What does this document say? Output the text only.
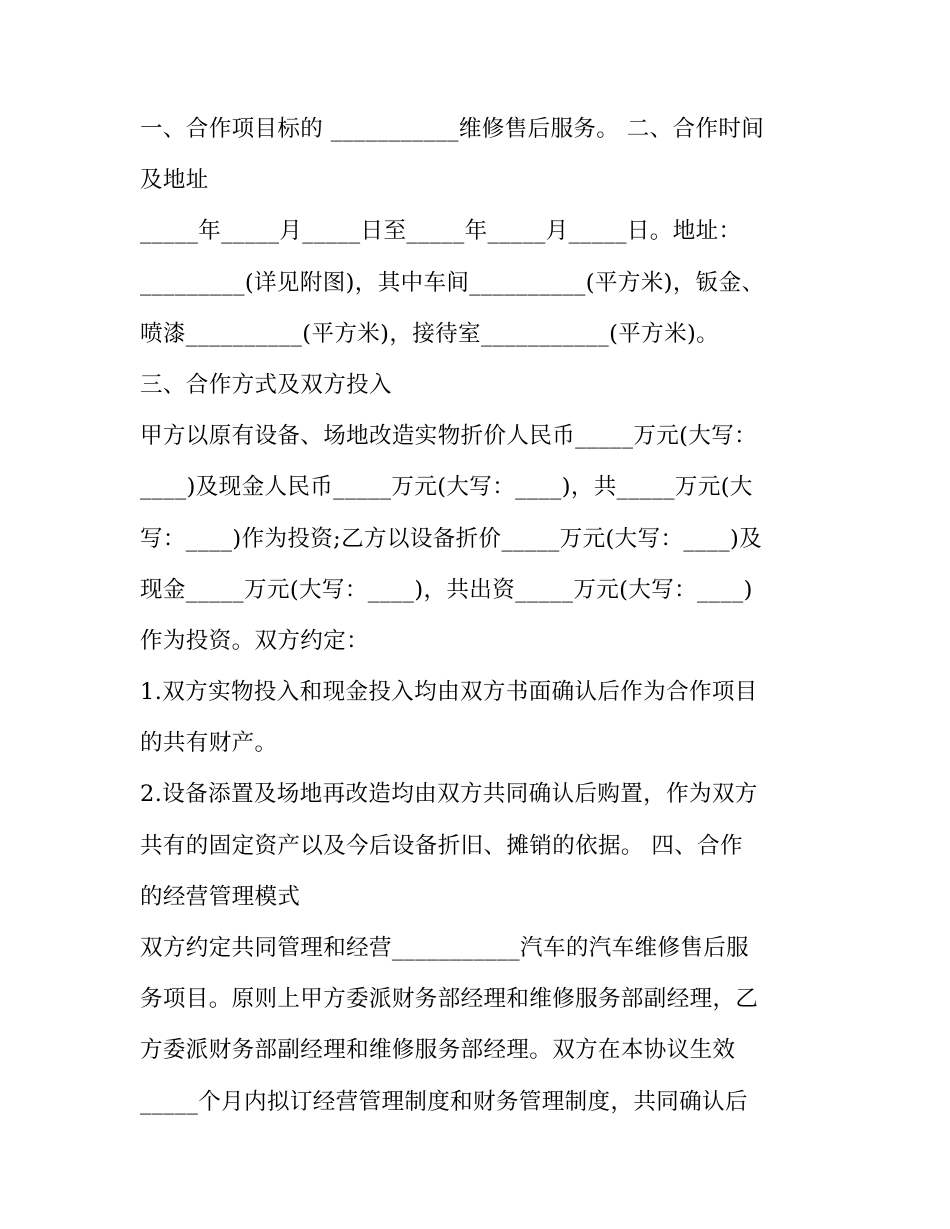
一、合作项目标的 ___________维修售后服务。 二、合作时间
及地址
_____年_____月_____日至_____年_____月_____日。地址：
_________(详见附图)，其中车间__________(平方米)，钣金、
喷漆__________(平方米)，接待室___________(平方米)。
三、合作方式及双方投入
甲方以原有设备、场地改造实物折价人民币_____万元(大写：
____)及现金人民币_____万元(大写：____)，共_____万元(大
写：____)作为投资;乙方以设备折价_____万元(大写：____)及
现金_____万元(大写：____)，共出资_____万元(大写：____)
作为投资。双方约定：
1.双方实物投入和现金投入均由双方书面确认后作为合作项目
的共有财产。
2.设备添置及场地再改造均由双方共同确认后购置，作为双方
共有的固定资产以及今后设备折旧、摊销的依据。 四、合作
的经营管理模式
双方约定共同管理和经营___________汽车的汽车维修售后服
务项目。原则上甲方委派财务部经理和维修服务部副经理，乙
方委派财务部副经理和维修服务部经理。双方在本协议生效
_____个月内拟订经营管理制度和财务管理制度，共同确认后
